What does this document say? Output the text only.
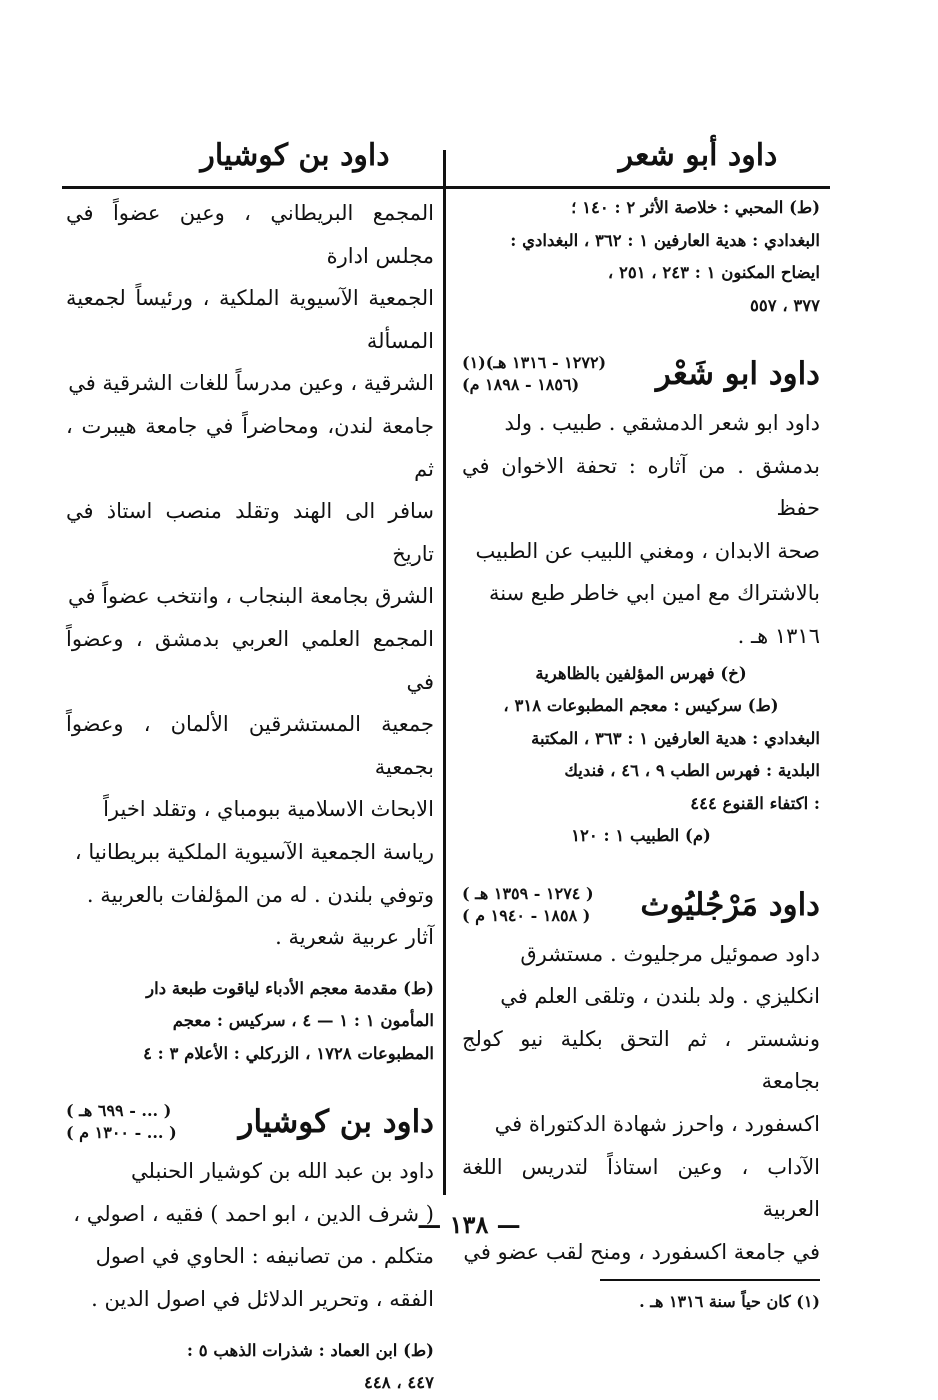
داود أبو شعر
داود بن كوشيار

(ط) المحبي : خلاصة الأثر ٢ : ١٤٠ ؛

البغدادي : هدية العارفين ١ : ٣٦٢ ، البغدادي :

ايضاح المكنون ١ : ٢٤٣ ، ٢٥١ ،

٣٧٧ ، ٥٥٧

داود ابو شَعْر
(١٢٧٢ - ١٣١٦ هـ)(١)
(١٨٥٦ - ١٨٩٨ م)

داود ابو شعر الدمشقي . طبيب . ولد

بدمشق . من آثاره : تحفة الاخوان في حفظ

صحة الابدان ، ومغني اللبيب عن الطبيب

بالاشتراك مع امين ابي خاطر طبع سنة

١٣١٦ هـ .

(خ) فهرس المؤلفين بالظاهرية

(ط) سركيس : معجم المطبوعات ٣١٨ ،

البغدادي : هدية العارفين ١ : ٣٦٣ ، المكتبة

البلدية : فهرس الطب ٩ ، ٤٦ ، فنديك

: اكتفاء القنوع ٤٤٤

(م) الطبيب ١ : ١٢٠

داود مَرْجُليُوث
( ١٢٧٤ - ١٣٥٩ هـ )
( ١٨٥٨ - ١٩٤٠ م )

داود صموئيل مرجليوث . مستشرق

انكليزي . ولد بلندن ، وتلقى العلم في

ونشستر ، ثم التحق بكلية نيو كولج بجامعة

اكسفورد ، واحرز شهادة الدكتوراة في

الآداب ، وعين استاذاً لتدريس اللغة العربية

في جامعة اكسفورد ، ومنح لقب عضو في

(١) كان حياً سنة ١٣١٦ هـ .

المجمع البريطاني ، وعين عضواً في مجلس ادارة

الجمعية الآسيوية الملكية ، ورئيساً لجمعية المسألة

الشرقية ، وعين مدرساً للغات الشرقية في

جامعة لندن، ومحاضراً في جامعة هيبرت ، ثم

سافر الى الهند وتقلد منصب استاذ في تاريخ

الشرق بجامعة البنجاب ، وانتخب عضواً في

المجمع العلمي العربي بدمشق ، وعضواً في

جمعية المستشرقين الألمان ، وعضواً بجمعية

الابحاث الاسلامية ببومباي ، وتقلد اخيراً

رياسة الجمعية الآسيوية الملكية ببريطانيا ،

وتوفي بلندن . له من المؤلفات بالعربية .

آثار عربية شعرية .

(ط) مقدمة معجم الأدباء لياقوت طبعة دار

المأمون ١ : ١ — ٤ ، سركيس : معجم

المطبوعات ١٧٢٨ ، الزركلي : الأعلام ٣ : ٤

داود بن كوشيار
( ... - ٦٩٩ هـ )
( ... - ١٣٠٠ م )

داود بن عبد الله بن كوشيار الحنبلي

( شرف الدين ، ابو احمد ) فقيه ، اصولي ،

متكلم . من تصانيفه : الحاوي في اصول

الفقه ، وتحرير الدلائل في اصول الدين .

(ط) ابن العماد : شذرات الذهب ٥ :

٤٤٧ ، ٤٤٨

— ١٣٨ —
